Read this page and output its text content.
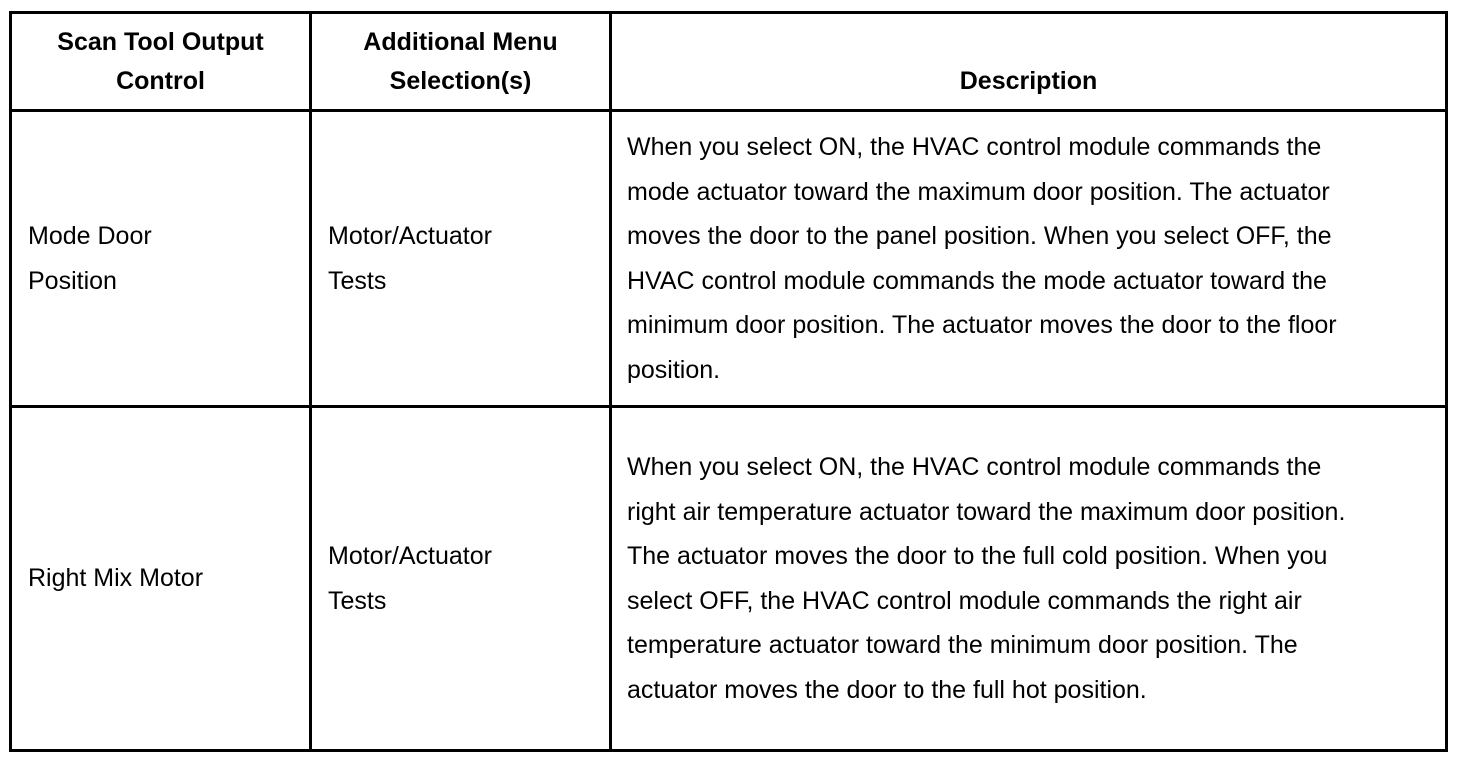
Scan Tool Output Control	Additional Menu Selection(s)	Description

Mode Door Position	Motor/Actuator Tests	When you select ON, the HVAC control module commands the mode actuator toward the maximum door position. The actuator moves the door to the panel position. When you select OFF, the HVAC control module commands the mode actuator toward the minimum door position. The actuator moves the door to the floor position.

Right Mix Motor	Motor/Actuator Tests	When you select ON, the HVAC control module commands the right air temperature actuator toward the maximum door position. The actuator moves the door to the full cold position. When you select OFF, the HVAC control module commands the right air temperature actuator toward the minimum door position. The actuator moves the door to the full hot position.
